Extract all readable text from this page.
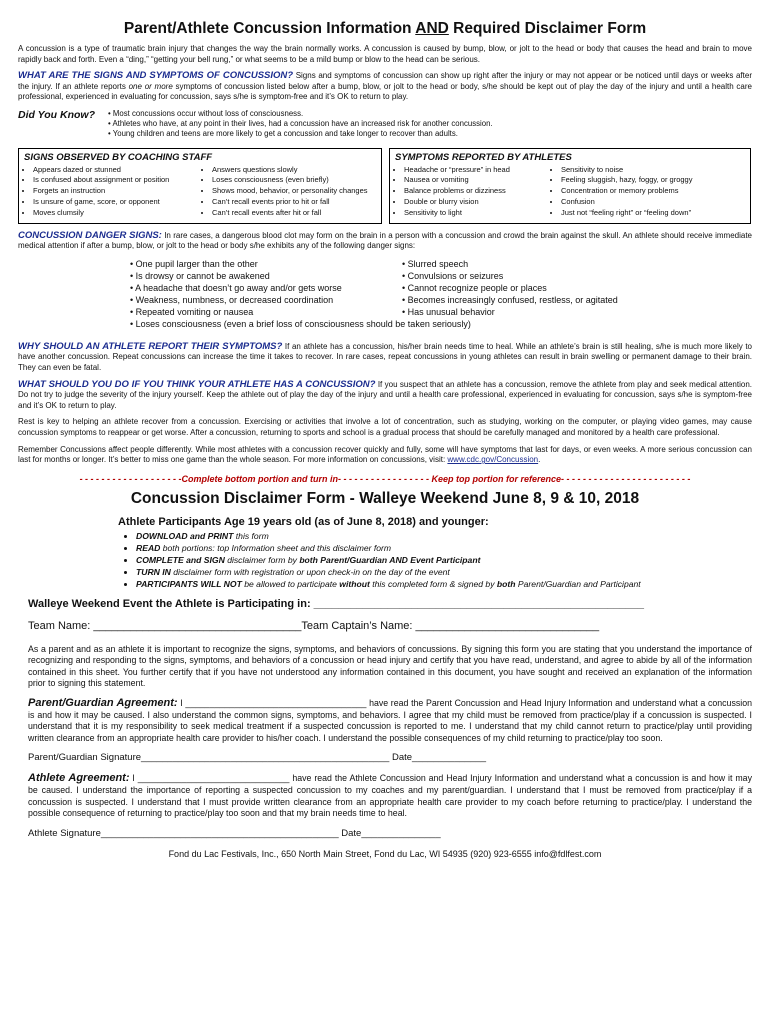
Parent/Athlete Concussion Information AND Required Disclaimer Form

A concussion is a type of traumatic brain injury that changes the way the brain normally works. A concussion is caused by bump, blow, or jolt to the head or body that causes the head and brain to move rapidly back and forth. Even a “ding,” “getting your bell rung,” or what seems to be a mild bump or blow to the head can be serious.

WHAT ARE THE SIGNS AND SYMPTOMS OF CONCUSSION? Signs and symptoms of concussion can show up right after the injury or may not appear or be noticed until days or weeks after the injury. If an athlete reports one or more symptoms of concussion listed below after a bump, blow, or jolt to the head or body, s/he should be kept out of play the day of the injury and until a health care professional, experienced in evaluating for concussion, says s/he is symptom-free and it’s OK to return to play.

Did You Know?	• Most concussions occur without loss of consciousness.
• Athletes who have, at any point in their lives, had a concussion have an increased risk for another concussion.
• Young children and teens are more likely to get a concussion and take longer to recover than adults.
SIGNS OBSERVED BY COACHING STAFF
• Appears dazed or stunned
• Is confused about assignment or position
• Forgets an instruction
• Is unsure of game, score, or opponent
• Moves clumsily
• Answers questions slowly
• Loses consciousness (even briefly)
• Shows mood, behavior, or personality changes
• Can’t recall events prior to hit or fall
• Can’t recall events after hit or fall
SYMPTOMS REPORTED BY ATHLETES
• Headache or “pressure” in head
• Nausea or vomiting
• Balance problems or dizziness
• Double or blurry vision
• Sensitivity to light
• Sensitivity to noise
• Feeling sluggish, hazy, foggy, or groggy
• Concentration or memory problems
• Confusion
• Just not “feeling right” or “feeling down”

CONCUSSION DANGER SIGNS: In rare cases, a dangerous blood clot may form on the brain in a person with a concussion and crowd the brain against the skull. An athlete should receive immediate medical attention if after a bump, blow, or jolt to the head or body s/he exhibits any of the following danger signs:

• One pupil larger than the other
• Is drowsy or cannot be awakened
• A headache that doesn’t go away and/or gets worse
• Weakness, numbness, or decreased coordination
• Repeated vomiting or nausea
• Slurred speech
• Convulsions or seizures
• Cannot recognize people or places
• Becomes increasingly confused, restless, or agitated
• Has unusual behavior
• Loses consciousness (even a brief loss of consciousness should be taken seriously)

WHY SHOULD AN ATHLETE REPORT THEIR SYMPTOMS? If an athlete has a concussion, his/her brain needs time to heal. While an athlete’s brain is still healing, s/he is much more likely to have another concussion. Repeat concussions can increase the time it takes to recover. In rare cases, repeat concussions in young athletes can result in brain swelling or permanent damage to their brain. They can even be fatal.

WHAT SHOULD YOU DO IF YOU THINK YOUR ATHLETE HAS A CONCUSSION? If you suspect that an athlete has a concussion, remove the athlete from play and seek medical attention. Do not try to judge the severity of the injury yourself. Keep the athlete out of play the day of the injury and until a health care professional, experienced in evaluating for concussion, says s/he is symptom-free and it’s OK to return to play.

Rest is key to helping an athlete recover from a concussion. Exercising or activities that involve a lot of concentration, such as studying, working on the computer, or playing video games, may cause concussion symptoms to reappear or get worse. After a concussion, returning to sports and school is a gradual process that should be carefully managed and monitored by a health care professional.

Remember Concussions affect people differently. While most athletes with a concussion recover quickly and fully, some will have symptoms that last for days, or even weeks. A more serious concussion can last for months or longer. It’s better to miss one game than the whole season. For more information on concussions, visit: www.cdc.gov/Concussion.

- - - - - - - - - - - - - - - - - - -Complete bottom portion and turn in- - - - - - - - - - - - - - - - - Keep top portion for reference- - - - - - - - - - - - - - - - - - - - - - - -
Concussion Disclaimer Form - Walleye Weekend June 8, 9 & 10, 2018
Athlete Participants Age 19 years old (as of June 8, 2018) and younger:
• DOWNLOAD and PRINT this form
• READ both portions: top Information sheet and this disclaimer form
• COMPLETE and SIGN disclaimer form by both Parent/Guardian AND Event Participant
• TURN IN disclaimer form with registration or upon check-in on the day of the event
• PARTICIPANTS WILL NOT be allowed to participate without this completed form & signed by both Parent/Guardian and Participant
Walleye Weekend Event the Athlete is Participating in: ______________________________________________________
Team Name: __________________________________Team Captain’s Name: ______________________________

As a parent and as an athlete it is important to recognize the signs, symptoms, and behaviors of concussions. By signing this form you are stating that you understand the importance of recognizing and responding to the signs, symptoms, and behaviors of a concussion or head injury and certify that you have read, understand, and agree to abide by all of the information contained in this sheet. You further certify that if you have not understood any information contained in this document, you have sought and received an explanation of the information prior to signing this statement.

Parent/Guardian Agreement: I _____________________________________ have read the Parent Concussion and Head Injury Information and understand what a concussion is and how it may be caused. I also understand the common signs, symptoms, and behaviors. I agree that my child must be removed from practice/play if a concussion is suspected. I understand that it is my responsibility to seek medical treatment if a suspected concussion is reported to me. I understand that my child cannot return to practice/play until providing written clearance from an appropriate health care provider to his/her coach. I understand the possible consequences of my child returning to practice/play too soon.

Parent/Guardian Signature_______________________________________________ Date______________

Athlete Agreement: I _______________________________ have read the Athlete Concussion and Head Injury Information and understand what a concussion is and how it may be caused. I understand the importance of reporting a suspected concussion to my coaches and my parent/guardian. I understand that I must be removed from practice/play if a concussion is suspected. I understand that I must provide written clearance from an appropriate health care provider to my coach before returning to practice/play. I understand the possible consequence of returning to practice/play too soon and that my brain needs time to heal.

Athlete Signature_____________________________________________ Date_______________
Fond du Lac Festivals, Inc., 650 North Main Street, Fond du Lac, WI 54935 (920) 923-6555 info@fdlfest.com
